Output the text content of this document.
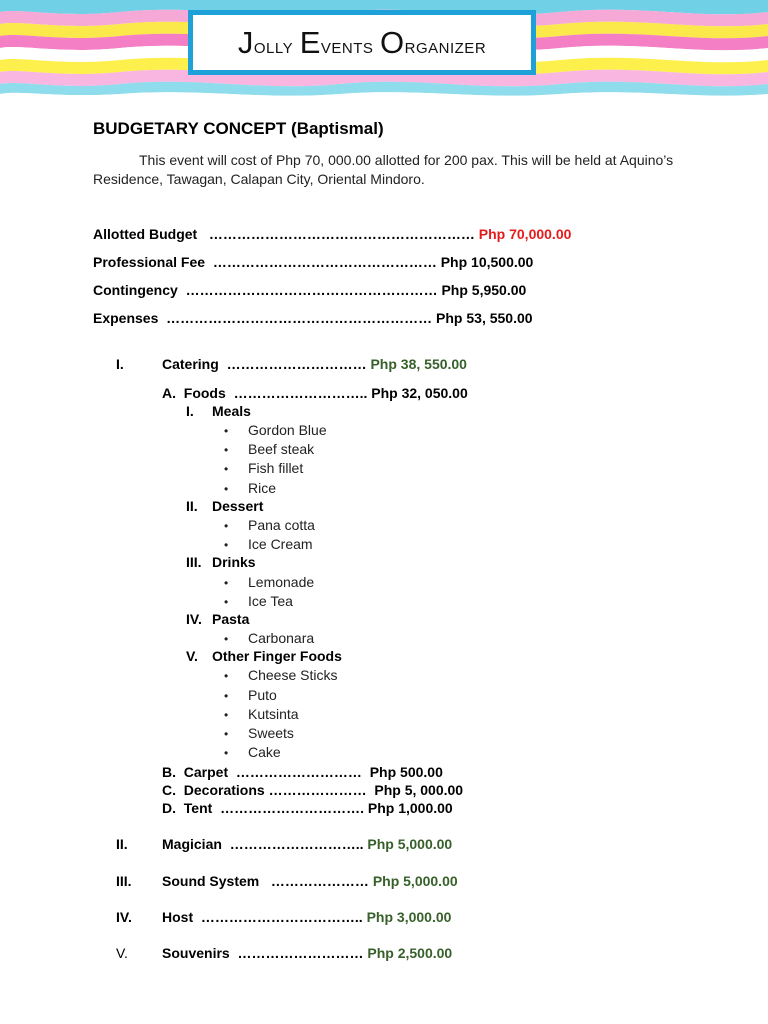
Jolly Events Organizer
BUDGETARY CONCEPT (Baptismal)
This event will cost of Php 70, 000.00 allotted for 200 pax. This will be held at Aquino’s Residence, Tawagan, Calapan City, Oriental Mindoro.
Allotted Budget ………………………………………………… Php 70,000.00
Professional Fee ………………………………………… Php 10,500.00
Contingency ……………………………………………… Php 5,950.00
Expenses ………………………………………………… Php 53, 550.00
I.	Catering ………………………… Php 38, 550.00
A. Foods ……………………….. Php 32, 050.00
I. Meals
• Gordon Blue
• Beef steak
• Fish fillet
• Rice
II. Dessert
• Pana cotta
• Ice Cream
III. Drinks
• Lemonade
• Ice Tea
IV. Pasta
• Carbonara
V. Other Finger Foods
• Cheese Sticks
• Puto
• Kutsinta
• Sweets
• Cake
B. Carpet ……………………… Php 500.00
C. Decorations ………………… Php 5, 000.00
D. Tent …………………………. Php 1,000.00
II. Magician ……………………….. Php 5,000.00
III. Sound System ………………… Php 5,000.00
IV. Host …………………………….. Php 3,000.00
V. Souvenirs ……………………… Php 2,500.00
